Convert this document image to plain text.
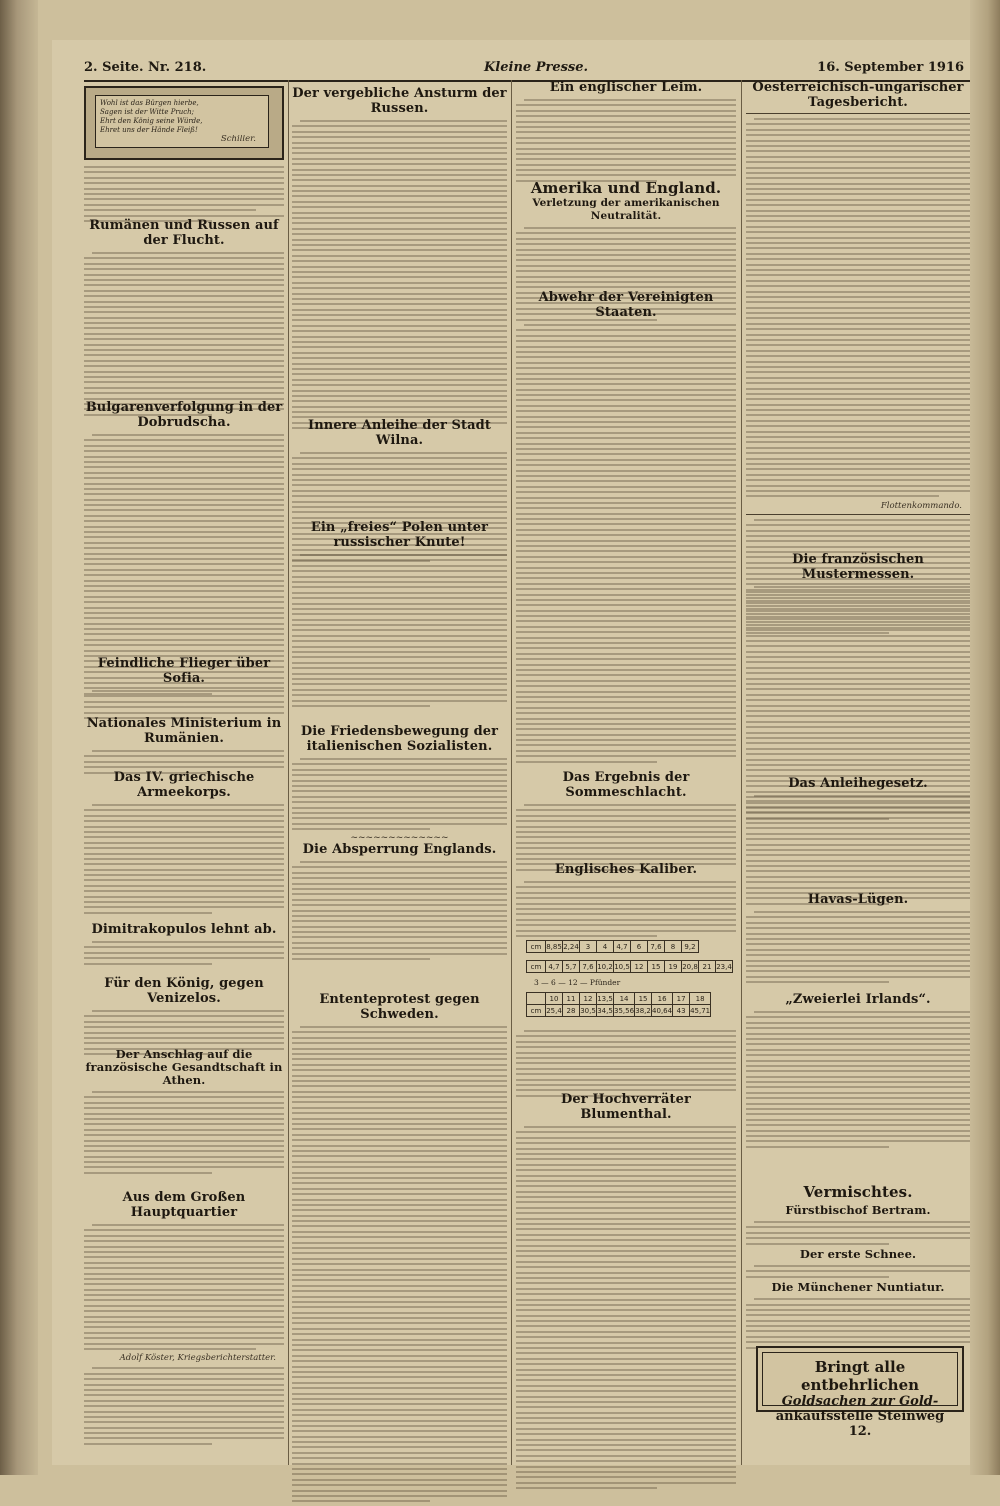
2. Seite. Nr. 218.	Kleine Presse.	16. September 1916
Wohl ist das Bürgen hierbe,
Sagen ist der Witte Pruch;
Ehrt den König seine Würde,
Ehret uns der Hände Fleiß!
Schiller.
Rumänen und Russen auf der Flucht.
Bulgarenverfolgung in der Dobrudscha.
Feindliche Flieger über Sofia.
Nationales Ministerium in Rumänien.
Das IV. griechische Armeekorps.
Dimitrakopulos lehnt ab.
Für den König, gegen Venizelos.
Der Anschlag auf die französische Gesandtschaft in Athen.
Aus dem Großen Hauptquartier
Adolf Köster, Kriegsberichterstatter.
Der vergebliche Ansturm der Russen.
Innere Anleihe der Stadt Wilna.
Ein „freies“ Polen unter russischer Knute!
Die Friedensbewegung der italienischen Sozialisten.
~~~~~~~~~~~~~
Die Absperrung Englands.
Ententeprotest gegen Schweden.
Ein englischer Leim.
Amerika und England.
Verletzung der amerikanischen Neutralität.
Abwehr der Vereinigten Staaten.
Das Ergebnis der Sommeschlacht.
Englisches Kaliber.
cm	8,85	2,24	3	4	4,7	6	7,6	8	9,2
cm	4,7	5,7	7,6	10,2	10,5	12	15	19	20,8	21	23,4
3 — 6 — 12 — Pfünder
	10	11	12	13,5	14	15	16	17	18
cm	25,4	28	30,5	34,5	35,56	38,2	40,64	43	45,71
Der Hochverräter Blumenthal.
Oesterreichisch-ungarischer Tagesbericht.
Flottenkommando.
Die französischen Mustermessen.
Das Anleihegesetz.
Havas-Lügen.
„Zweierlei Irlands“.
Vermischtes.
Fürstbischof Bertram.
Der erste Schnee.
Die Münchener Nuntiatur.
Bringt alle entbehrlichen
Goldsachen zur Gold-
ankaufsstelle Steinweg 12.
